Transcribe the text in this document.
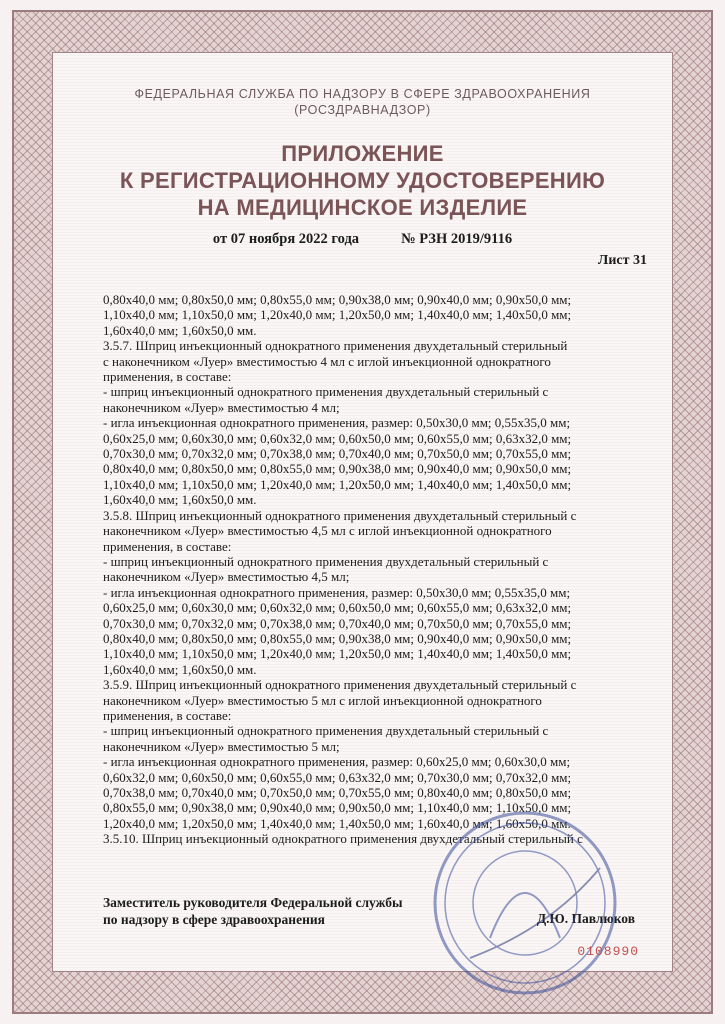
ФЕДЕРАЛЬНАЯ СЛУЖБА ПО НАДЗОРУ В СФЕРЕ ЗДРАВООХРАНЕНИЯ
(РОСЗДРАВНАДЗОР)
ПРИЛОЖЕНИЕ
К РЕГИСТРАЦИОННОМУ УДОСТОВЕРЕНИЮ
НА МЕДИЦИНСКОЕ ИЗДЕЛИЕ
от 07 ноября 2022 года	№ РЗН 2019/9116
Лист 31

0,80x40,0 мм; 0,80x50,0 мм; 0,80x55,0 мм; 0,90x38,0 мм; 0,90x40,0 мм; 0,90x50,0 мм;

1,10x40,0 мм; 1,10x50,0 мм; 1,20x40,0 мм; 1,20x50,0 мм; 1,40x40,0 мм; 1,40x50,0 мм;

1,60x40,0 мм; 1,60x50,0 мм.

3.5.7. Шприц инъекционный однократного применения двухдетальный стерильный

с наконечником «Луер» вместимостью 4 мл с иглой инъекционной однократного

применения, в составе:

- шприц инъекционный однократного применения двухдетальный стерильный с

наконечником «Луер» вместимостью 4 мл;

- игла инъекционная однократного применения, размер: 0,50x30,0 мм; 0,55x35,0 мм;

0,60x25,0 мм; 0,60x30,0 мм; 0,60x32,0 мм; 0,60x50,0 мм; 0,60x55,0 мм; 0,63x32,0 мм;

0,70x30,0 мм; 0,70x32,0 мм; 0,70x38,0 мм; 0,70x40,0 мм; 0,70x50,0 мм; 0,70x55,0 мм;

0,80x40,0 мм; 0,80x50,0 мм; 0,80x55,0 мм; 0,90x38,0 мм; 0,90x40,0 мм; 0,90x50,0 мм;

1,10x40,0 мм; 1,10x50,0 мм; 1,20x40,0 мм; 1,20x50,0 мм; 1,40x40,0 мм; 1,40x50,0 мм;

1,60x40,0 мм; 1,60x50,0 мм.

3.5.8. Шприц инъекционный однократного применения двухдетальный стерильный с

наконечником «Луер» вместимостью 4,5 мл с иглой инъекционной однократного

применения, в составе:

- шприц инъекционный однократного применения двухдетальный стерильный с

наконечником «Луер» вместимостью 4,5 мл;

- игла инъекционная однократного применения, размер: 0,50x30,0 мм; 0,55x35,0 мм;

0,60x25,0 мм; 0,60x30,0 мм; 0,60x32,0 мм; 0,60x50,0 мм; 0,60x55,0 мм; 0,63x32,0 мм;

0,70x30,0 мм; 0,70x32,0 мм; 0,70x38,0 мм; 0,70x40,0 мм; 0,70x50,0 мм; 0,70x55,0 мм;

0,80x40,0 мм; 0,80x50,0 мм; 0,80x55,0 мм; 0,90x38,0 мм; 0,90x40,0 мм; 0,90x50,0 мм;

1,10x40,0 мм; 1,10x50,0 мм; 1,20x40,0 мм; 1,20x50,0 мм; 1,40x40,0 мм; 1,40x50,0 мм;

1,60x40,0 мм; 1,60x50,0 мм.

3.5.9. Шприц инъекционный однократного применения двухдетальный стерильный с

наконечником «Луер» вместимостью 5 мл с иглой инъекционной однократного

применения, в составе:

- шприц инъекционный однократного применения двухдетальный стерильный с

наконечником «Луер» вместимостью 5 мл;

- игла инъекционная однократного применения, размер: 0,60x25,0 мм; 0,60x30,0 мм;

0,60x32,0 мм; 0,60x50,0 мм; 0,60x55,0 мм; 0,63x32,0 мм; 0,70x30,0 мм; 0,70x32,0 мм;

0,70x38,0 мм; 0,70x40,0 мм; 0,70x50,0 мм; 0,70x55,0 мм; 0,80x40,0 мм; 0,80x50,0 мм;

0,80x55,0 мм; 0,90x38,0 мм; 0,90x40,0 мм; 0,90x50,0 мм; 1,10x40,0 мм; 1,10x50,0 мм;

1,20x40,0 мм; 1,20x50,0 мм; 1,40x40,0 мм; 1,40x50,0 мм; 1,60x40,0 мм; 1,60x50,0 мм.

3.5.10. Шприц инъекционный однократного применения двухдетальный стерильный с

Заместитель руководителя Федеральной службы
по надзору в сфере здравоохранения	Д.Ю. Павлюков
0108990
